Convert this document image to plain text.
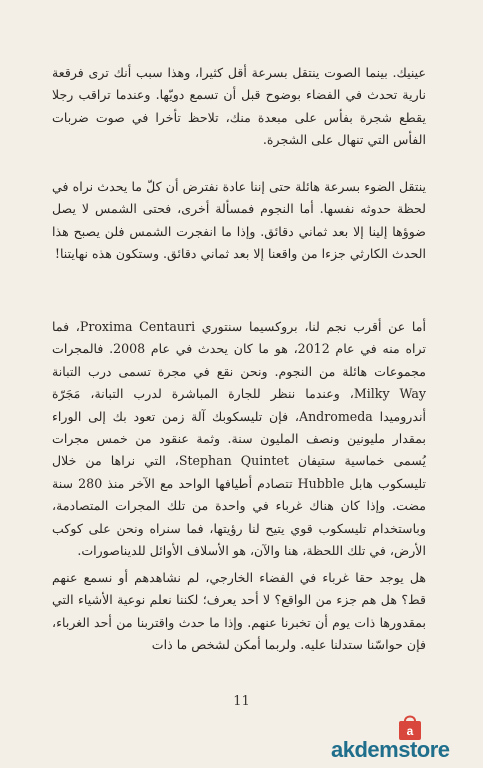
عينيك. بينما الصوت ينتقل بسرعة أقل كثيرا، وهذا سبب أنك ترى فرقعة نارية تحدث في الفضاء بوضوح قبل أن تسمع دويّها. وعندما تراقب رجلا يقطع شجرة بفأس على مبعدة منك، تلاحظ تأخرا في صوت ضربات الفأس التي تنهال على الشجرة.

ينتقل الضوء بسرعة هائلة حتى إننا عادة نفترض أن كلّ ما يحدث نراه في لحظة حدوثه نفسها. أما النجوم فمسألة أخرى، فحتى الشمس لا يصل ضوؤها إلينا إلا بعد ثماني دقائق. وإذا ما انفجرت الشمس فلن يصبح هذا الحدث الكارثي جزءا من واقعنا إلا بعد ثماني دقائق. وستكون هذه نهايتنا!

أما عن أقرب نجم لنا، بروكسيما سنتوري Proxima Centauri، فما تراه منه في عام 2012، هو ما كان يحدث في عام 2008. فالمجرات مجموعات هائلة من النجوم. ونحن نقع في مجرة تسمى درب التبانة Milky Way، وعندما ننظر للجارة المباشرة لدرب التبانة، مَجَرّة أندروميدا Andromeda، فإن تليسكوبك آلة زمن تعود بك إلى الوراء بمقدار مليونين ونصف المليون سنة. وثمة عنقود من خمس مجرات يُسمى خماسية ستيفان Stephan Quintet، التي نراها من خلال تليسكوب هابل Hubble تتصادم أطيافها الواحد مع الآخر منذ 280 سنة مضت. وإذا كان هناك غرباء في واحدة من تلك المجرات المتصادمة، وباستخدام تليسكوب قوي يتيح لنا رؤيتها، فما سنراه ونحن على كوكب الأرض، في تلك اللحظة، هنا والآن، هو الأسلاف الأوائل للديناصورات.

هل يوجد حقا غرباء في الفضاء الخارجي، لم نشاهدهم أو نسمع عنهم قط؟ هل هم جزء من الواقع؟ لا أحد يعرف؛ لكننا نعلم نوعية الأشياء التي بمقدورها ذات يوم أن تخبرنا عنهم. وإذا ما حدث واقتربنا من أحد الغرباء، فإن حواسّنا ستدلنا عليه. ولربما أمكن لشخص ما ذات

11
a
akdemstore
